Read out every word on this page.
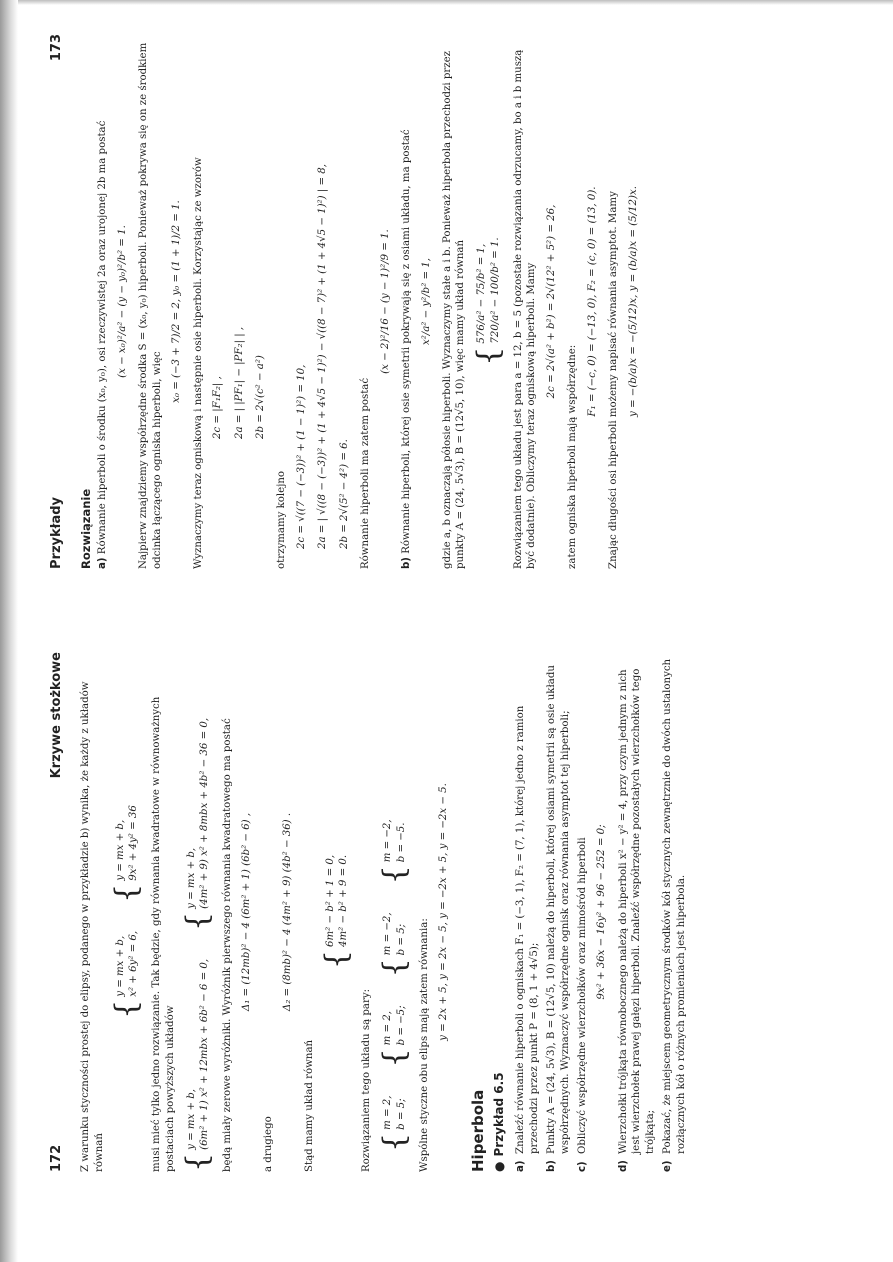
172
Krzywe stożkowe Z warunku styczności prostej do elipsy, podanego w przykładzie b) wynika, że każdy z układów równań

{
y = mx + b, x² + 6y² = 6,
{
y = mx + b, 9x² + 4y² = 36 musi mieć tylko jedno rozwiązanie. Tak będzie, gdy równania kwadratowe w równoważnych postaciach powyższych układów {
y = mx + b, (6m² + 1) x² + 12mbx + 6b² − 6 = 0,
{
y = mx + b, (4m² + 9) x² + 8mbx + 4b² − 36 = 0, będą miały zerowe wyróżniki. Wyróżnik pierwszego równania kwadratowego ma postać Δ₁ = (12mb)² − 4 (6m² + 1) (6b² − 6) ,

a drugiego

Δ₂ = (8mb)² − 4 (4m² + 9) (4b² − 36) .

Stąd mamy układ równań

{
6m² − b² + 1 = 0, 4m² − b² + 9 = 0.

Rozwiązaniem tego układu są pary: {
m = 2, b = 5;
{
m = 2, b = −5;
{
m = −2, b = 5;
{
m = −2, b = −5.

Wspólne styczne obu elips mają zatem równania:

y = 2x + 5, y = 2x − 5, y = −2x + 5, y = −2x − 5.
Hiperbola ●Przykład 6.5
a)
Znaleźć równanie hiperboli o ogniskach F₁ = (−3, 1), F₂ = (7, 1), której jedno z ramion przechodzi przez punkt P = (8, 1 + 4√5);
b)
Punkty A = (24, 5√3), B = (12√5, 10) należą do hiperboli, której osiami symetrii są osie układu współrzędnych. Wyznaczyć współrzędne ognisk oraz równania asymptot tej hiperboli;
c)
Obliczyć współrzędne wierzchołków oraz mimośród hiperboli 9x² + 36x − 16y² + 96 − 252 = 0;
d)
Wierzchołki trójkąta równobocznego należą do hiperboli x² − y² = 4, przy czym jednym z nich jest wierzchołek prawej gałęzi hiperboli. Znaleźć współrzędne pozostałych wierzchołków tego trójkąta;
e)
Pokazać, że miejscem geometrycznym środków kół stycznych zewnętrznie do dwóch ustalonych rozłącznych kół o różnych promieniach jest hiperbola.
Przykłady
173
Rozwiązanie a) Równanie hiperboli o środku (x₀, y₀), osi rzeczywistej 2a oraz urojonej 2b ma postać (x − x₀)²/a² − (y − y₀)²/b² = 1. Najpierw znajdziemy współrzędne środka S = (x₀, y₀) hiperboli. Ponieważ pokrywa się on ze środkiem odcinka łączącego ogniska hiperboli, więc

x₀ = (−3 + 7)/2 = 2, y₀ = (1 + 1)/2 = 1. Wyznaczymy teraz ogniskową i następnie osie hiperboli. Korzystając ze wzorów 2c = |F₁F₂| , 2a = | |PF₁| − |PF₂| | , 2b = 2√(c² − a²)

otrzymamy kolejno 2c = √((7 − (−3))² + (1 − 1)²) = 10, 2a = | √((8 − (−3))² + (1 + 4√5 − 1)²) − √((8 − 7)² + (1 + 4√5 − 1)²) | = 8, 2b = 2√(5² − 4²) = 6. Równanie hiperboli ma zatem postać

(x − 2)²/16 − (y − 1)²/9 = 1.

b) Równanie hiperboli, której osie symetrii pokrywają się z osiami układu, ma postać x²/a² − y²/b² = 1, gdzie a, b oznaczają półosie hiperboli. Wyznaczymy stałe a i b. Ponieważ hiperbola przechodzi przez punkty A = (24, 5√3), B = (12√5, 10), więc mamy układ równań {
576/a² − 75/b² = 1, 720/a² − 100/b² = 1. Rozwiązaniem tego układu jest para a = 12, b = 5 (pozostałe rozwiązania odrzucamy, bo a i b muszą być dodatnie). Obliczymy teraz ogniskową hiperboli. Mamy 2c = 2√(a² + b²) = 2√(12² + 5²) = 26,

zatem ogniska hiperboli mają współrzędne:

F₁ = (−c, 0) = (−13, 0), F₂ = (c, 0) = (13, 0). Znając długości osi hiperboli możemy napisać równania asymptot. Mamy y = −(b/a)x = −(5/12)x, y = (b/a)x = (5/12)x.
